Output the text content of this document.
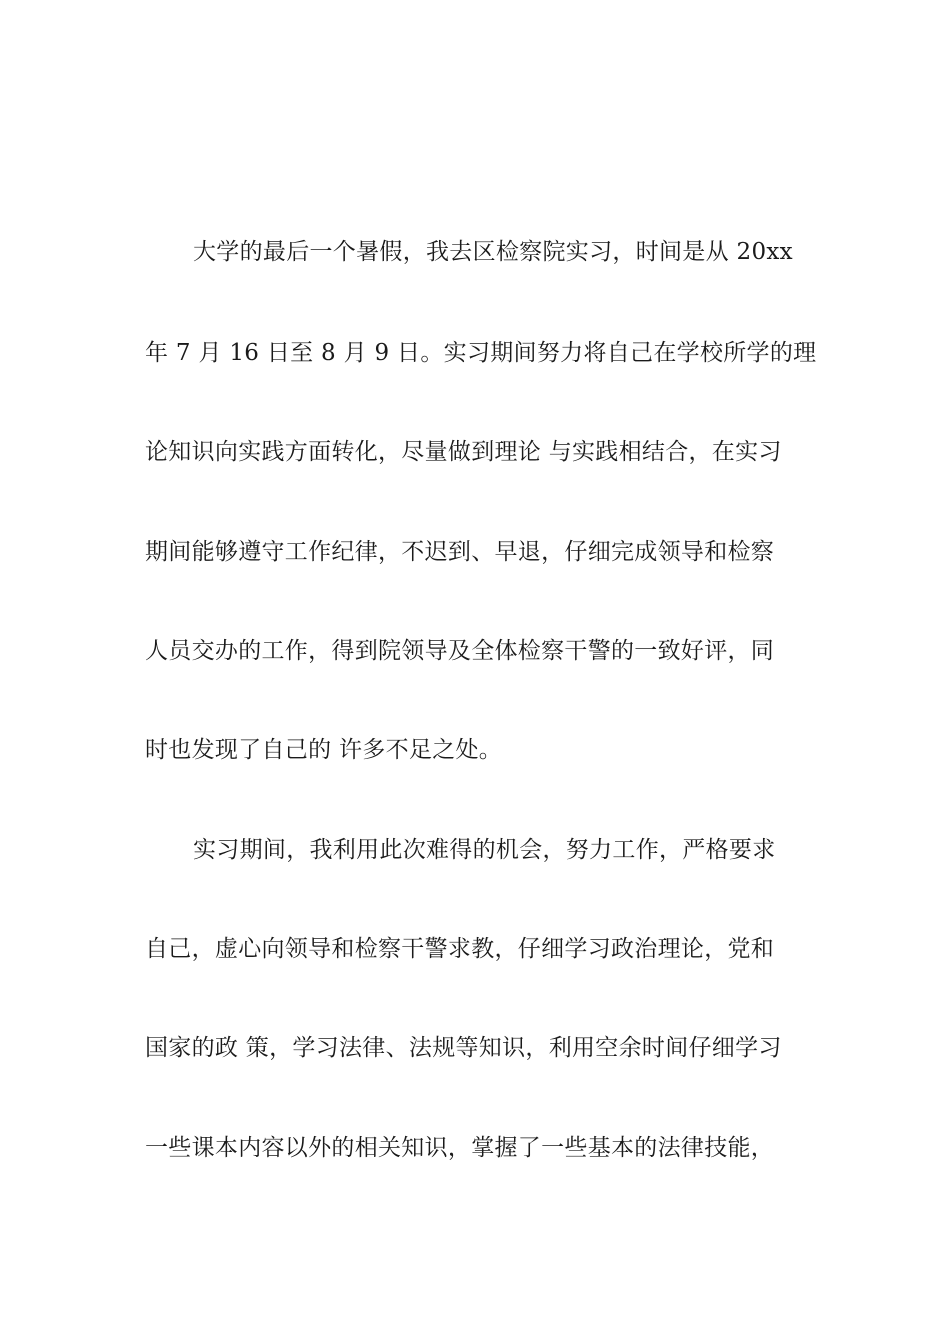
大学的最后一个暑假，我去区检察院实习，时间是从 20xx
年 7 月 16 日至 8 月 9 日。实习期间努力将自己在学校所学的理
论知识向实践方面转化，尽量做到理论 与实践相结合，在实习
期间能够遵守工作纪律，不迟到、早退，仔细完成领导和检察
人员交办的工作，得到院领导及全体检察干警的一致好评，同
时也发现了自己的 许多不足之处。
实习期间，我利用此次难得的机会，努力工作，严格要求
自己，虚心向领导和检察干警求教，仔细学习政治理论，党和
国家的政 策，学习法律、法规等知识，利用空余时间仔细学习
一些课本内容以外的相关知识，掌握了一些基本的法律技能，
